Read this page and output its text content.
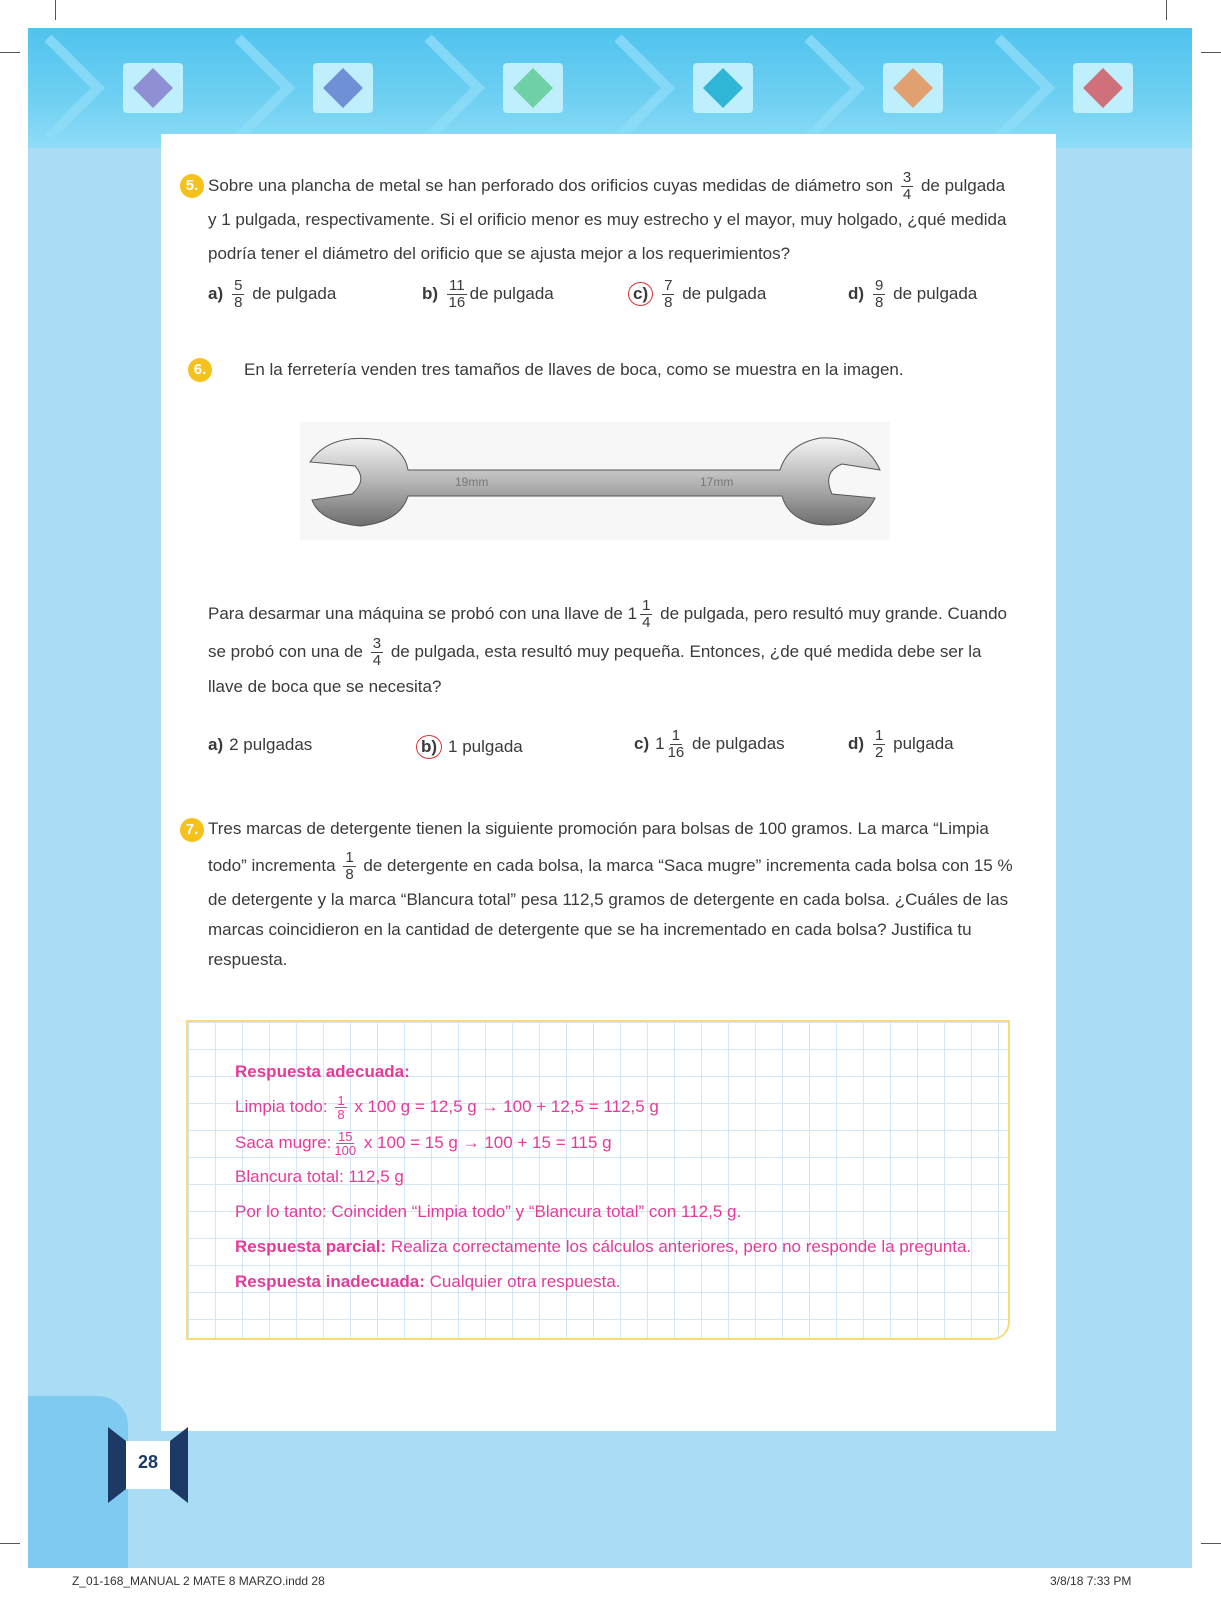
5. Sobre una plancha de metal se han perforado dos orificios cuyas medidas de diámetro son $\frac{3}{4}$ de pulgada
y 1 pulgada, respectivamente. Si el orificio menor es muy estrecho y el mayor, muy holgado, ¿qué medida
podría tener el diámetro del orificio que se ajusta mejor a los requerimientos?
$a) \frac{5}{8}$ de pulgada	$b) \frac{11}{16}$ de pulgada	$c) \frac{7}{8}$ de pulgada	$d) \frac{9}{8}$ de pulgada
6.	En la ferretería venden tres tamaños de llaves de boca, como se muestra en la imagen.
19mm	17mm
Para desarmar una máquina se probó con una llave de $1 \frac{1}{4}$ de pulgada, pero resultó muy grande. Cuando
se probó con una de $\frac{3}{4}$ de pulgada, esta resultó muy pequeña. Entonces, ¿de qué medida debe ser la
llave de boca que se necesita?
a) 2 pulgadas	b) 1 pulgada	c) $1 \frac{1}{16}$ de pulgadas	$d) \frac{1}{2}$ pulgada
7. Tres marcas de detergente tienen la siguiente promoción para bolsas de 100 gramos. La marca “Limpia
todo” incrementa $\frac{1}{8}$ de detergente en cada bolsa, la marca “Saca mugre” incrementa cada bolsa con 15 %
de detergente y la marca “Blancura total” pesa 112,5 gramos de detergente en cada bolsa. ¿Cuáles de las
marcas coincidieron en la cantidad de detergente que se ha incrementado en cada bolsa? Justifica tu
respuesta.
Respuesta adecuada:
Limpia todo: $\frac{1}{8}$ x 100 g = 12,5 g → 100 + 12,5 = 112,5 g
Saca mugre: $\frac{15}{100}$ x 100 = 15 g → 100 + 15 = 115 g
Blancura total: 112,5 g
Por lo tanto: Coinciden “Limpia todo” y “Blancura total” con 112,5 g.
Respuesta parcial: Realiza correctamente los cálculos anteriores, pero no responde la pregunta.
Respuesta inadecuada: Cualquier otra respuesta.
28
Z_01-168_MANUAL 2 MATE 8 MARZO.indd 28	3/8/18 7:33 PM
